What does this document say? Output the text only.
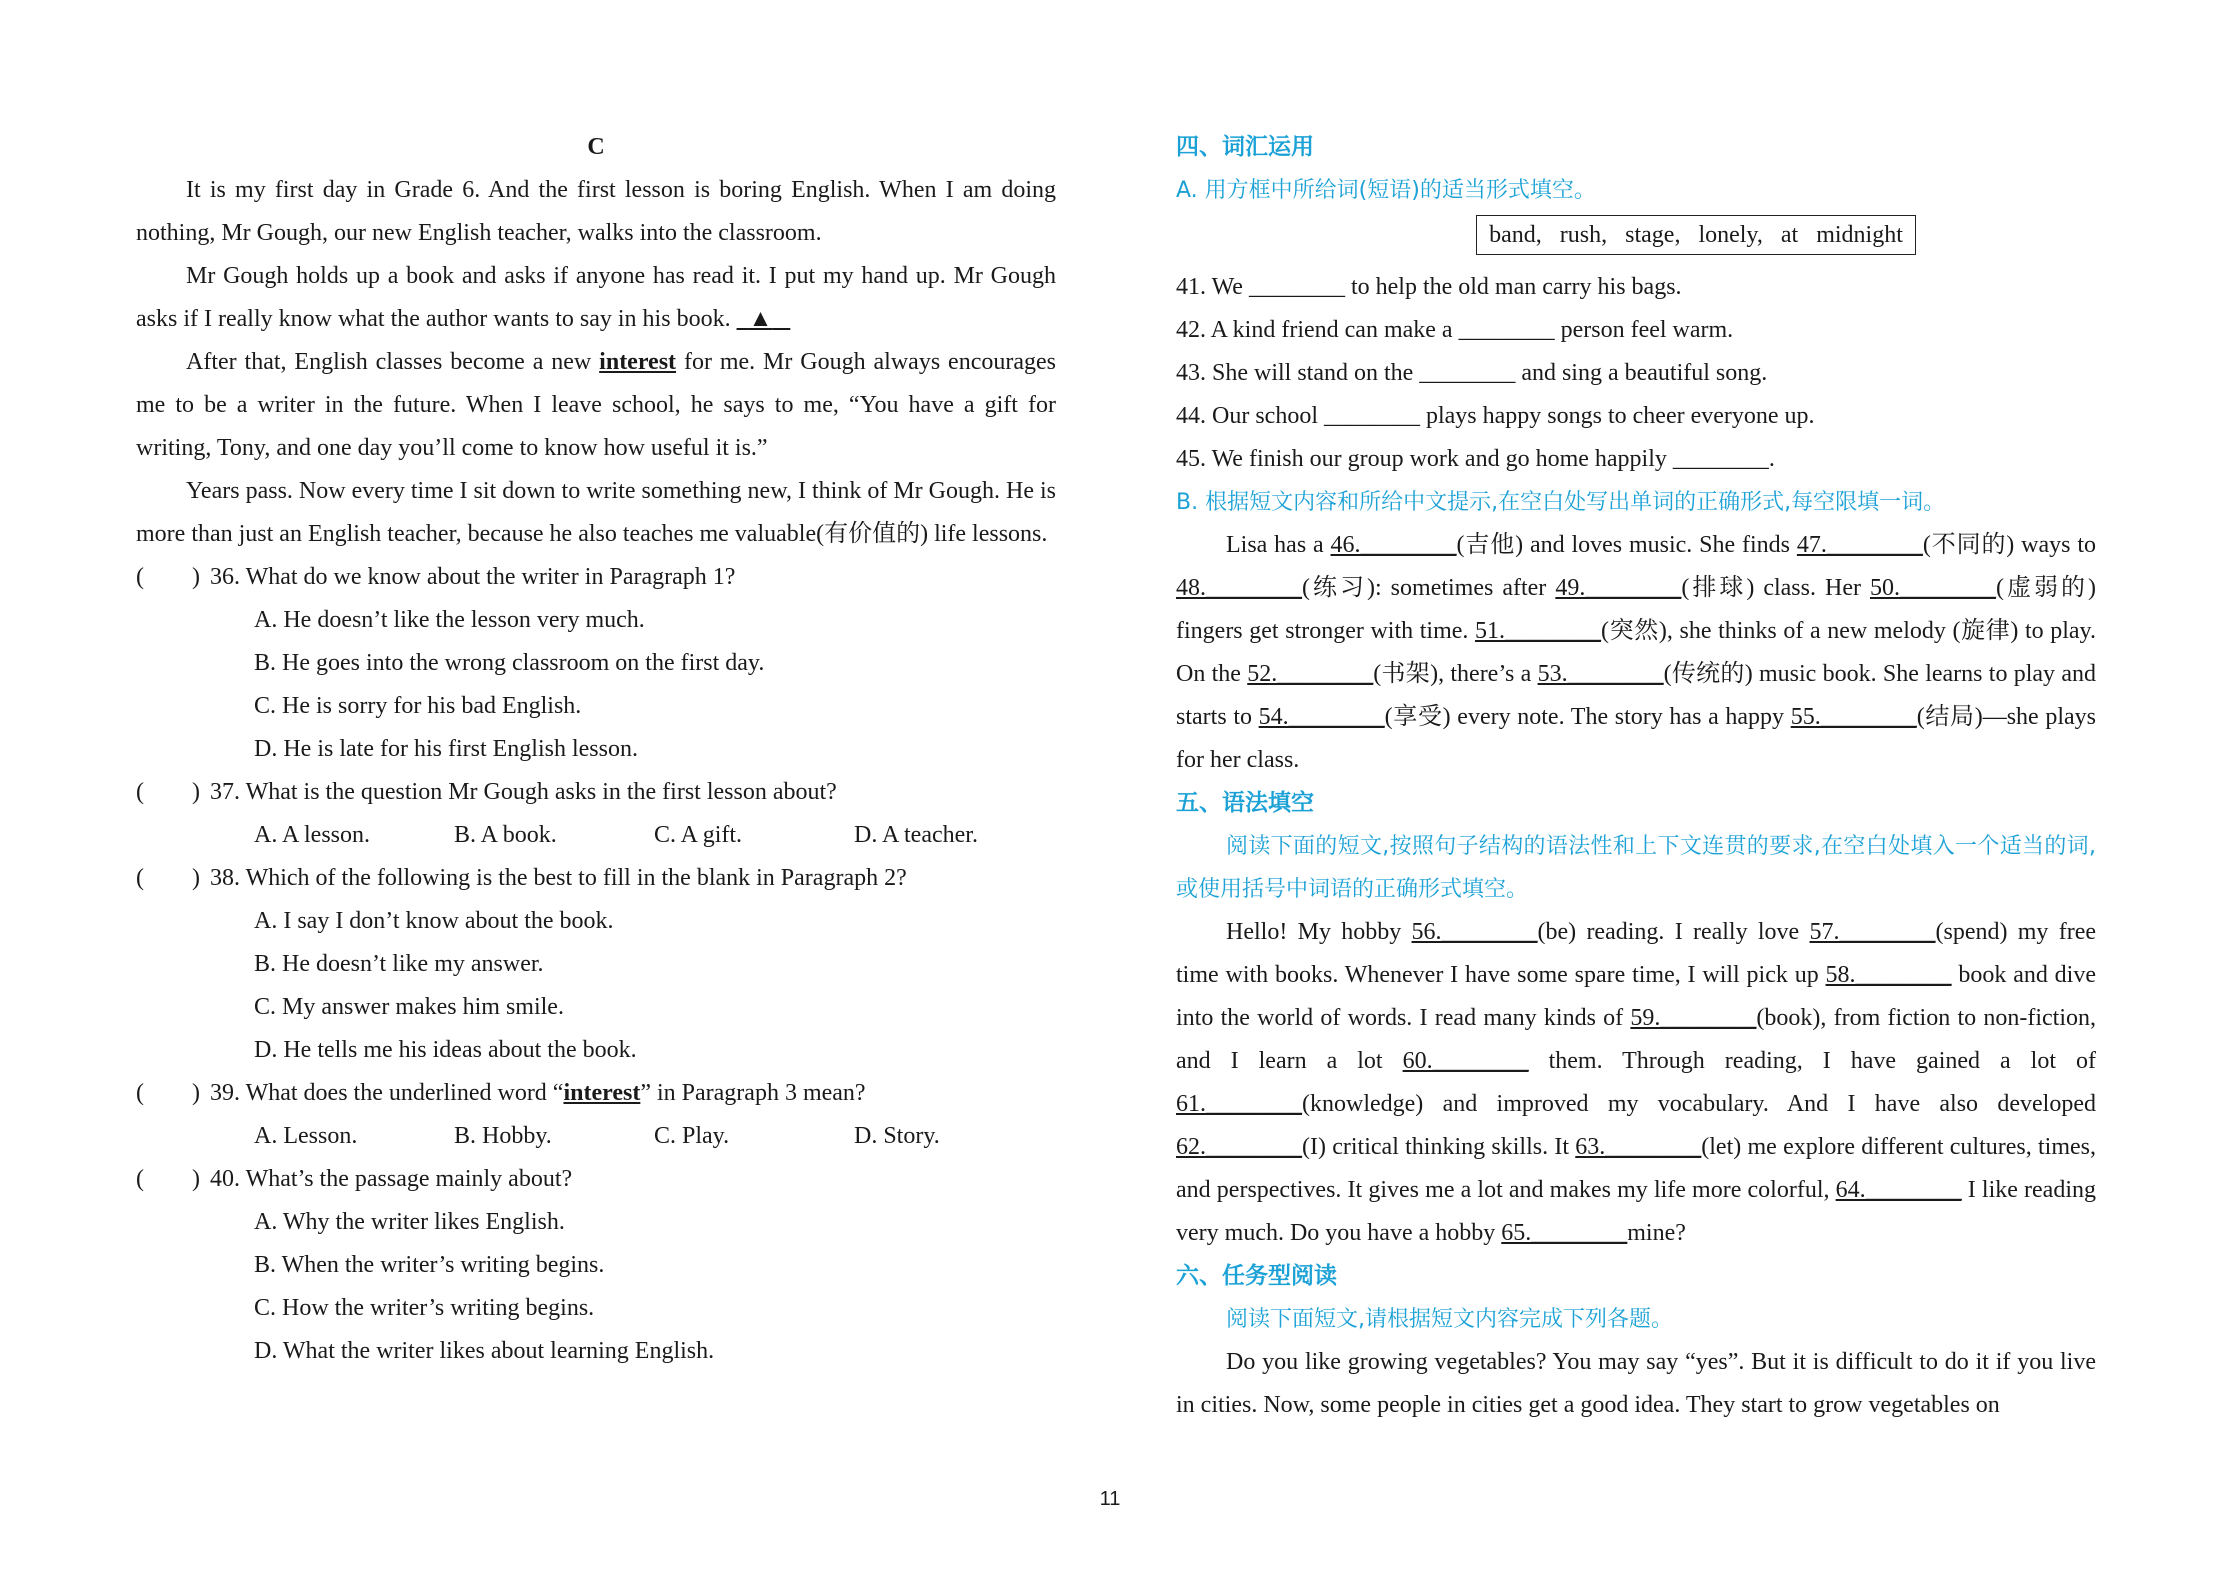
C

It is my first day in Grade 6. And the first lesson is boring English. When I am doing nothing, Mr Gough, our new English teacher, walks into the classroom.

Mr Gough holds up a book and asks if anyone has read it. I put my hand up. Mr Gough asks if I really know what the author wants to say in his book. ▲

After that, English classes become a new interest for me. Mr Gough always encourages me to be a writer in the future. When I leave school, he says to me, “You have a gift for writing, Tony, and one day you’ll come to know how useful it is.”

Years pass. Now every time I sit down to write something new, I think of Mr Gough. He is more than just an English teacher, because he also teaches me valuable(有价值的) life lessons.

(        ) 36. What do we know about the writer in Paragraph 1?

A. He doesn’t like the lesson very much.

B. He goes into the wrong classroom on the first day.

C. He is sorry for his bad English.

D. He is late for his first English lesson.

(        ) 37. What is the question Mr Gough asks in the first lesson about?
A. A lesson.	B. A book.	C. A gift.	D. A teacher.
(        ) 38. Which of the following is the best to fill in the blank in Paragraph 2?

A. I say I don’t know about the book.

B. He doesn’t like my answer.

C. My answer makes him smile.

D. He tells me his ideas about the book.

(        ) 39. What does the underlined word “interest” in Paragraph 3 mean?
A. Lesson.	B. Hobby.	C. Play.	D. Story.
(        ) 40. What’s the passage mainly about?

A. Why the writer likes English.

B. When the writer’s writing begins.

C. How the writer’s writing begins.

D. What the writer likes about learning English.

四、词汇运用

A. 用方框中所给词(短语)的适当形式填空。

band, rush, stage, lonely, at midnight

41. We ________ to help the old man carry his bags.

42. A kind friend can make a ________ person feel warm.

43. She will stand on the ________ and sing a beautiful song.

44. Our school ________ plays happy songs to cheer everyone up.

45. We finish our group work and go home happily ________.

B. 根据短文内容和所给中文提示,在空白处写出单词的正确形式,每空限填一词。

Lisa has a 46.________(吉他) and loves music. She finds 47.________(不同的) ways to 48.________(练习): sometimes after 49.________(排球) class. Her 50.________(虚弱的) fingers get stronger with time. 51.________(突然), she thinks of a new melody (旋律) to play. On the 52.________(书架), there’s a 53.________(传统的) music book. She learns to play and starts to 54.________(享受) every note. The story has a happy 55.________(结局)—she plays for her class.

五、语法填空

阅读下面的短文,按照句子结构的语法性和上下文连贯的要求,在空白处填入一个适当的词,或使用括号中词语的正确形式填空。

Hello! My hobby 56.________(be) reading. I really love 57.________(spend) my free time with books. Whenever I have some spare time, I will pick up 58.________ book and dive into the world of words. I read many kinds of 59.________(book), from fiction to non-fiction, and I learn a lot 60.________ them. Through reading, I have gained a lot of 61.________(knowledge) and improved my vocabulary. And I have also developed 62.________(I) critical thinking skills. It 63.________(let) me explore different cultures, times, and perspectives. It gives me a lot and makes my life more colorful, 64.________ I like reading very much. Do you have a hobby 65.________mine?

六、任务型阅读

阅读下面短文,请根据短文内容完成下列各题。

Do you like growing vegetables? You may say “yes”. But it is difficult to do it if you live in cities. Now, some people in cities get a good idea. They start to grow vegetables on

11
